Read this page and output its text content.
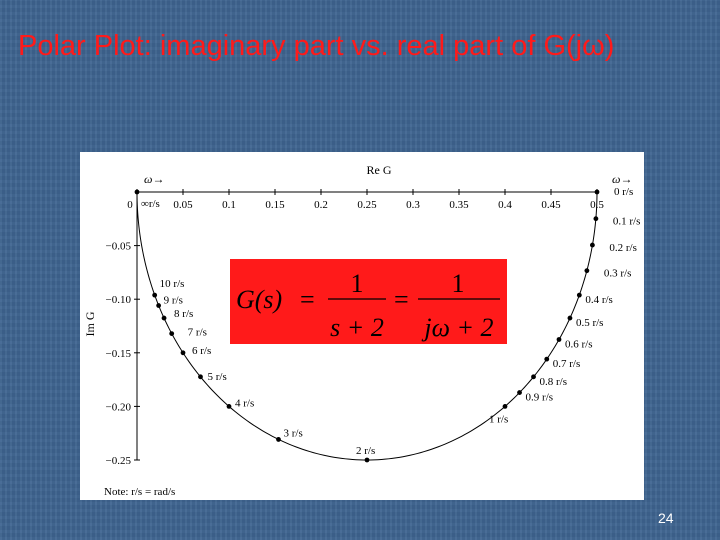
Polar Plot: imaginary part vs. real part of G(jω)
0	0.05	0.1	0.15	0.2	0.25	0.3	0.35	0.4	0.45	0.5
−0.05
−0.10
−0.15
−0.20
−0.25
Re G
Im G
ω→	ω→
Note: r/s = rad/s
0 r/s
0.1 r/s
0.2 r/s
0.3 r/s
0.4 r/s
0.5 r/s
0.6 r/s
0.7 r/s
0.8 r/s
0.9 r/s
1 r/s
2 r/s
3 r/s
4 r/s
5 r/s
6 r/s
7 r/s
8 r/s
9 r/s
10 r/s
∞r/s
G(s) =
1
s + 2
=
1
jω + 2
24
